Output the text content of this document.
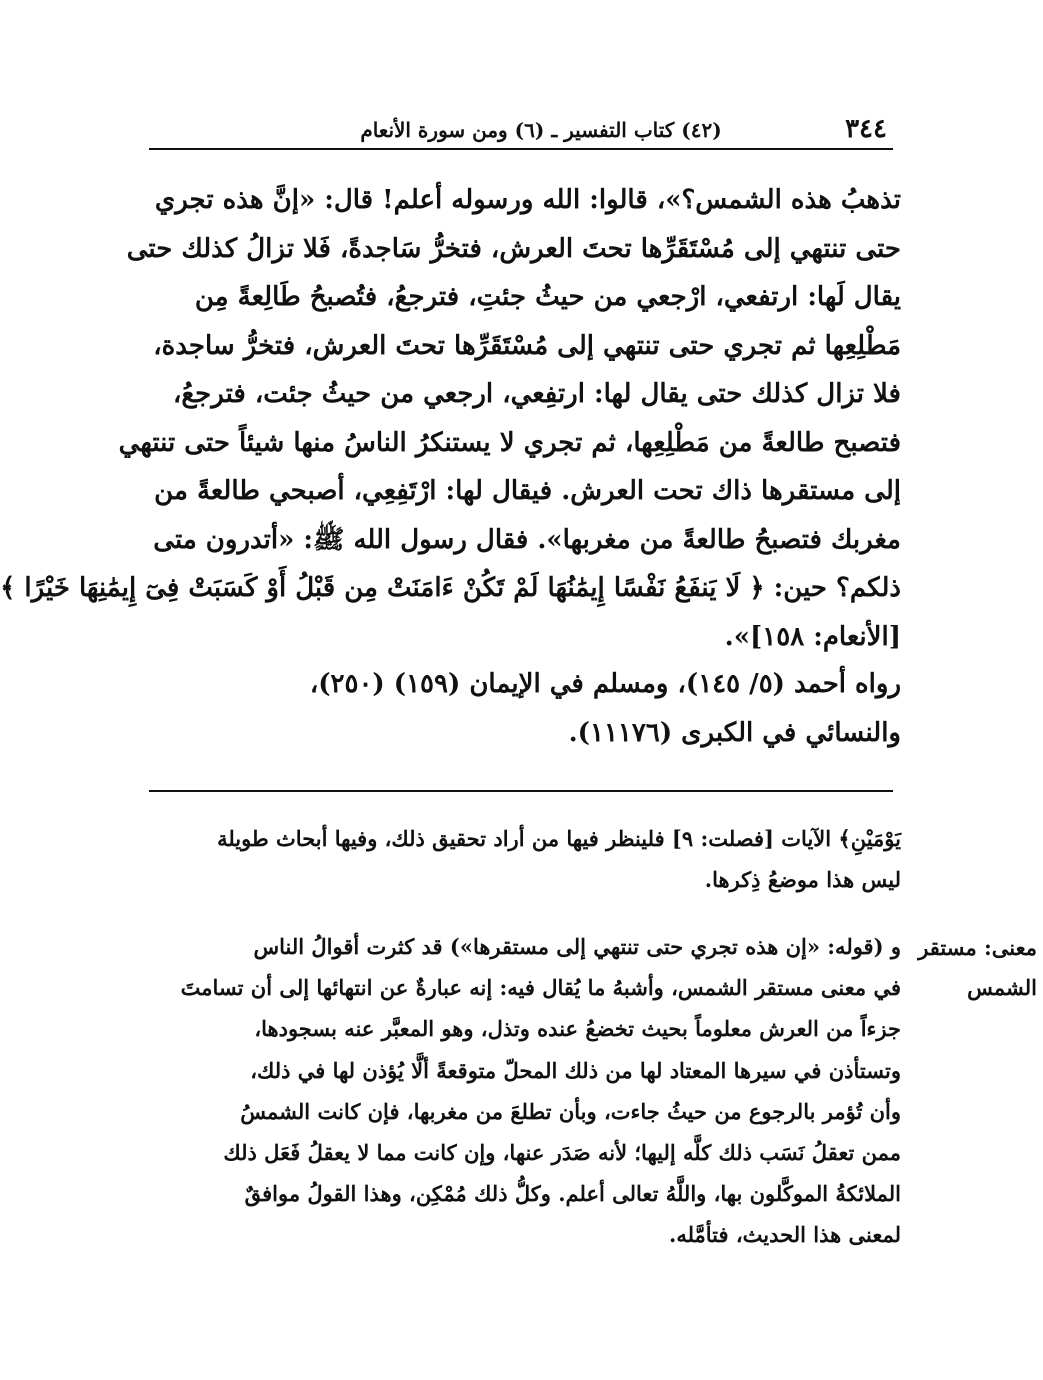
٣٤٤
(٤٢) كتاب التفسير ـ (٦) ومن سورة الأنعام
تذهبُ هذه الشمس؟»، قالوا: الله ورسوله أعلم! قال: «إنَّ هذه تجري
حتى تنتهي إلى مُسْتَقَرِّها تحتَ العرش، فتخرُّ سَاجدةً، فَلا تزالُ كذلك حتى
يقال لَها: ارتفعي، ارْجعي من حيثُ جئتِ، فترجعُ، فتُصبحُ طَالِعةً مِن
مَطْلِعِها ثم تجري حتى تنتهي إلى مُسْتَقَرِّها تحتَ العرش، فتخرُّ ساجدة،
فلا تزال كذلك حتى يقال لها: ارتفِعي، ارجعي من حيثُ جئت، فترجعُ،
فتصبح طالعةً من مَطْلِعِها، ثم تجري لا يستنكرُ الناسُ منها شيئاً حتى تنتهي
إلى مستقرها ذاك تحت العرش. فيقال لها: ارْتَفِعِي، أصبحي طالعةً من
مغربك فتصبحُ طالعةً من مغربها». فقال رسول الله ﷺ: «أتدرون متى
ذلكم؟ حين: ﴿ لَا يَنفَعُ نَفْسًا إِيمَٰنُهَا لَمْ تَكُنْ ءَامَنَتْ مِن قَبْلُ أَوْ كَسَبَتْ فِىٓ إِيمَٰنِهَا خَيْرًا ﴾
[الأنعام: ١٥٨]».
رواه أحمد (٥/ ١٤٥)، ومسلم في الإيمان (١٥٩) (٢٥٠)،
والنسائي في الكبرى (١١١٧٦).
يَوْمَيْنِ﴾ الآيات [فصلت: ٩] فلينظر فيها من أراد تحقيق ذلك، وفيها أبحاث طويلة
ليس هذا موضعُ ذِكرها.
معنى: مستقر
الشمس
و (قوله: «إن هذه تجري حتى تنتهي إلى مستقرها») قد كثرت أقوالُ الناس
في معنى مستقر الشمس، وأشبهُ ما يُقال فيه: إنه عبارةٌ عن انتهائها إلى أن تسامتَ
جزءاً من العرش معلوماً بحيث تخضعُ عنده وتذل، وهو المعبَّر عنه بسجودها،
وتستأذن في سيرها المعتاد لها من ذلك المحلّ متوقعةً ألَّا يُؤذن لها في ذلك،
وأن تُؤمر بالرجوع من حيثُ جاءت، وبأن تطلعَ من مغربها، فإن كانت الشمسُ
ممن تعقلُ نَسَب ذلك كلَّه إليها؛ لأنه صَدَر عنها، وإن كانت مما لا يعقلُ فَعَل ذلك
الملائكةُ الموكَّلون بها، واللَّهُ تعالى أعلم. وكلُّ ذلك مُمْكِن، وهذا القولُ موافقٌ
لمعنى هذا الحديث، فتأمَّله.
